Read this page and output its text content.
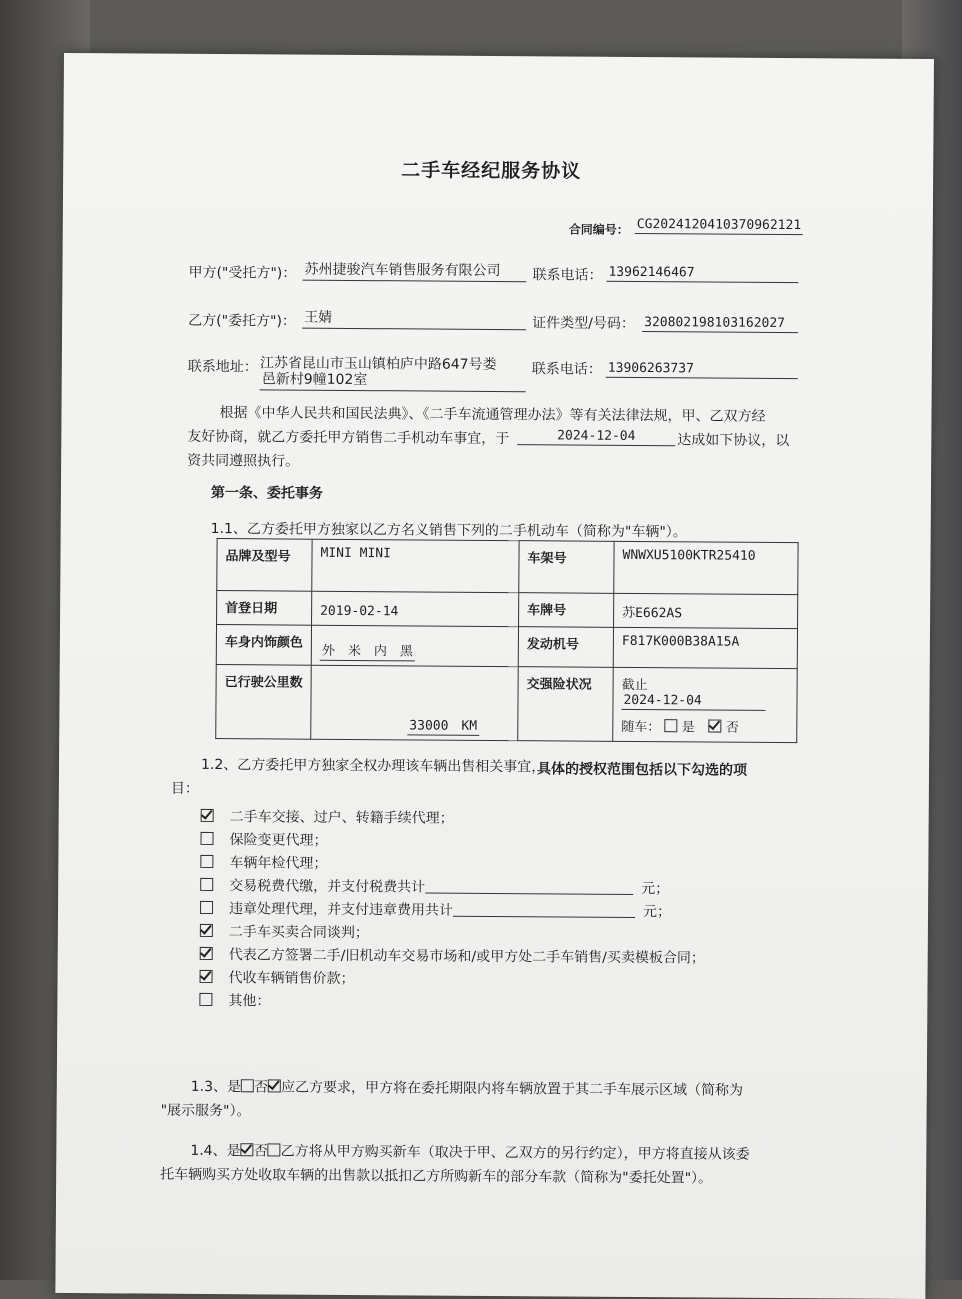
二手车经纪服务协议
合同编号： CG2024120410370962121
甲方("受托方")： 苏州捷骏汽车销售服务有限公司	联系电话： 13962146467
乙方("委托方")： 王婧	证件类型/号码： 320802198103162027
联系地址： 江苏省昆山市玉山镇柏庐中路647号娄
邑新村9幢102室
联系电话： 13906263737
根据《中华人民共和国民法典》、《二手车流通管理办法》等有关法律法规，甲、乙双方经
友好协商，就乙方委托甲方销售二手机动车事宜，于	2024-12-04	达成如下协议，以
资共同遵照执行。
第一条、委托事务
1.1、乙方委托甲方独家以乙方名义销售下列的二手机动车（简称为"车辆"）。
品牌及型号	MINI MINI	车架号	WNWXU5100KTR25410
首登日期	2019-02-14	车牌号	苏E662AS
车身内饰颜色	外　米　内　黑	发动机号	F817K000B38A15A
已行驶公里数	33000　KM	交强险状况	截止 2024-12-04
随车： 是 否
1.2、乙方委托甲方独家全权办理该车辆出售相关事宜，
具体的授权范围包括以下勾选的项
目：
二手车交接、过户、转籍手续代理；
保险变更代理；
车辆年检代理；
交易税费代缴，并支付税费共计	元；
违章处理代理，并支付违章费用共计	元；
二手车买卖合同谈判；
代表乙方签署二手/旧机动车交易市场和/或甲方处二手车销售/买卖模板合同；
代收车辆销售价款；
其他：
1.3、是 否 应乙方要求，甲方将在委托期限内将车辆放置于其二手车展示区域（简称为
"展示服务"）。
1.4、是 否 乙方将从甲方购买新车（取决于甲、乙双方的另行约定），甲方将直接从该委
托车辆购买方处收取车辆的出售款以抵扣乙方所购新车的部分车款（简称为"委托处置"）。
